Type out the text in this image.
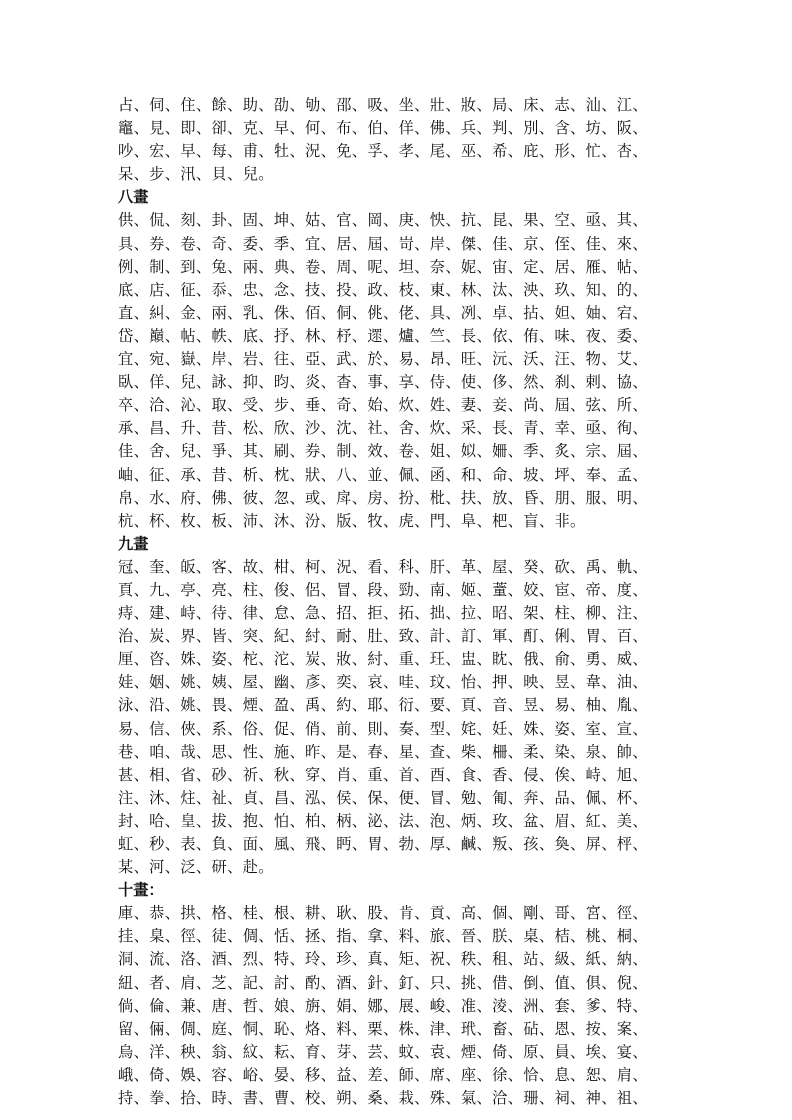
占、伺、住、餘、助、劭、劬、邵、吸、坐、壯、妝、局、床、志、汕、江、
竈、見、即、卻、克、早、何、布、伯、佯、佛、兵、判、別、含、坊、阪、
吵、宏、早、每、甫、牡、況、免、孚、孝、尾、巫、希、庇、形、忙、杏、
呆、步、汛、貝、兒。
八畫
供、侃、刻、卦、固、坤、姑、官、岡、庚、怏、抗、昆、果、空、亟、其、
具、券、卷、奇、委、季、宜、居、屆、岢、岸、傑、佳、京、侄、佳、來、
例、制、到、兔、兩、典、卷、周、呢、坦、奈、妮、宙、定、居、雁、帖、
底、店、征、忝、忠、念、技、投、政、枝、東、林、汰、泱、玖、知、的、
直、糾、金、兩、乳、侏、佰、侗、佻、佬、具、冽、卓、拈、妲、妯、宕、
岱、巔、帖、帙、底、抒、林、杼、遝、爐、竺、長、依、侑、味、夜、委、
宜、宛、嶽、岸、岩、往、亞、武、於、易、昂、旺、沅、沃、汪、物、艾、
臥、佯、兒、詠、抑、昀、炎、杳、事、享、侍、使、侈、然、刹、剌、協、
卒、洽、沁、取、受、步、垂、奇、始、炊、姓、妻、妾、尚、屆、弦、所、
承、昌、升、昔、松、欣、沙、沈、社、舍、炊、采、長、青、幸、亟、徇、
佳、舍、兒、爭、其、刷、券、制、效、卷、姐、姒、姍、季、炙、宗、屆、
岫、征、承、昔、析、枕、狀、八、並、佩、函、和、命、坡、坪、奉、孟、
帛、水、府、佛、彼、忽、或、戽、房、扮、枇、扶、放、昏、朋、服、明、
杭、杯、枚、板、沛、沐、汾、版、牧、虎、門、阜、杷、盲、非。
九畫
冠、奎、皈、客、故、柑、柯、況、看、科、肝、革、屋、癸、砍、禹、軌、
頁、九、亭、亮、柱、俊、侶、冒、段、勁、南、姬、蕫、姣、宦、帝、度、
痔、建、峙、待、律、怠、急、招、拒、拓、拙、拉、昭、架、柱、柳、注、
治、炭、界、皆、突、紀、紂、耐、肚、致、計、訂、軍、酊、俐、胃、百、
厘、咨、姝、姿、柁、沱、炭、妝、紂、重、玨、盅、眈、俄、俞、勇、威、
娃、姻、姚、姨、屋、幽、彥、奕、哀、哇、玟、怡、押、映、昱、韋、油、
泳、沿、姚、畏、煙、盈、禹、約、耶、衍、要、頁、音、昱、易、柚、胤、
易、信、俠、系、俗、促、俏、前、則、奏、型、姹、妊、姝、姿、室、宣、
巷、咱、哉、思、性、施、昨、是、春、星、查、柴、柵、柔、染、泉、帥、
甚、相、省、砂、祈、秋、穿、肖、重、首、酉、食、香、侵、俟、峙、旭、
注、沐、炷、祉、貞、昌、泓、侯、保、便、冒、勉、匍、奔、品、佩、杯、
封、哈、皇、拔、抱、怕、柏、柄、泌、法、泡、炳、玫、盆、眉、紅、美、
虹、秒、表、負、面、風、飛、眄、胃、勃、厚、鹹、叛、孩、奐、屏、枰、
某、河、泛、研、赴。
十畫：
庫、恭、拱、格、桂、根、耕、耿、股、肯、貢、高、個、剛、哥、宮、徑、
挂、臬、徑、徒、倜、恬、拯、指、拿、料、旅、晉、朕、桌、桔、桃、桐、
洞、流、洛、酒、烈、特、玲、珍、真、矩、祝、秩、租、站、級、紙、納、
紐、者、肩、芝、記、討、酌、酒、針、釘、只、挑、借、倒、值、俱、倪、
倘、倫、兼、唐、哲、娘、旃、娟、娜、展、峻、准、淩、洲、套、爹、特、
留、倆、倜、庭、恫、恥、烙、料、栗、株、津、玳、畜、砧、恩、按、案、
烏、洋、秧、翁、紋、耘、育、芽、芸、蚊、袁、煙、倚、原、員、埃、宴、
峨、倚、娛、容、峪、晏、移、益、差、師、席、座、徐、恰、息、恕、肩、
持、拳、拾、時、書、曹、校、朔、桑、栽、殊、氣、洽、珊、祠、神、祖、
